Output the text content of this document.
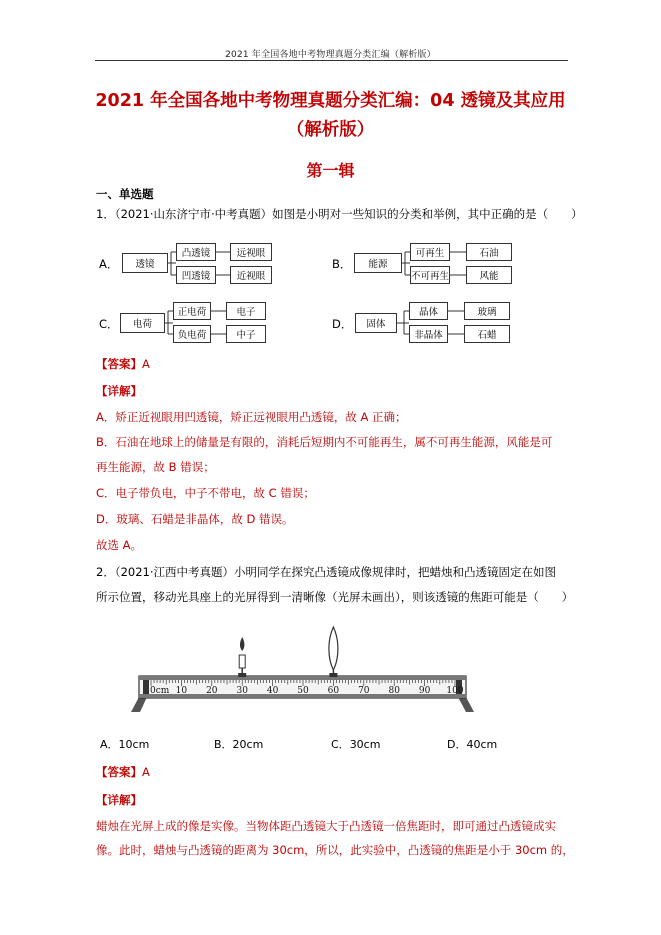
2021 年全国各地中考物理真题分类汇编（解析版）
2021 年全国各地中考物理真题分类汇编：04 透镜及其应用
（解析版）
第一辑
一、单选题
1．（2021·山东济宁市·中考真题）如图是小明对一些知识的分类和举例，其中正确的是（　　）
A．	透镜
凸透镜
凹透镜
远视眼
近视眼
B．	能源
可再生
不可再生
石油
风能
C．	电荷
正电荷
负电荷
电子
中子
D．	固体
晶体
非晶体
玻璃
石蜡
【答案】A
【详解】
A．矫正近视眼用凹透镜，矫正远视眼用凸透镜，故 A 正确；
B．石油在地球上的储量是有限的，消耗后短期内不可能再生，属不可再生能源，风能是可
再生能源，故 B 错误；
C．电子带负电，中子不带电，故 C 错误；
D．玻璃、石蜡是非晶体，故 D 错误。
故选 A。
2．（2021·江西中考真题）小明同学在探究凸透镜成像规律时，把蜡烛和凸透镜固定在如图
所示位置，移动光具座上的光屏得到一清晰像（光屏未画出），则该透镜的焦距可能是（　　）
0cm 10 20 30 40 50 60 70 80 90 100
A．10cm	B．20cm	C．30cm	D．40cm
【答案】A
【详解】
蜡烛在光屏上成的像是实像。当物体距凸透镜大于凸透镜一倍焦距时，即可通过凸透镜成实
像。此时，蜡烛与凸透镜的距离为 30cm，所以，此实验中，凸透镜的焦距是小于 30cm 的，
